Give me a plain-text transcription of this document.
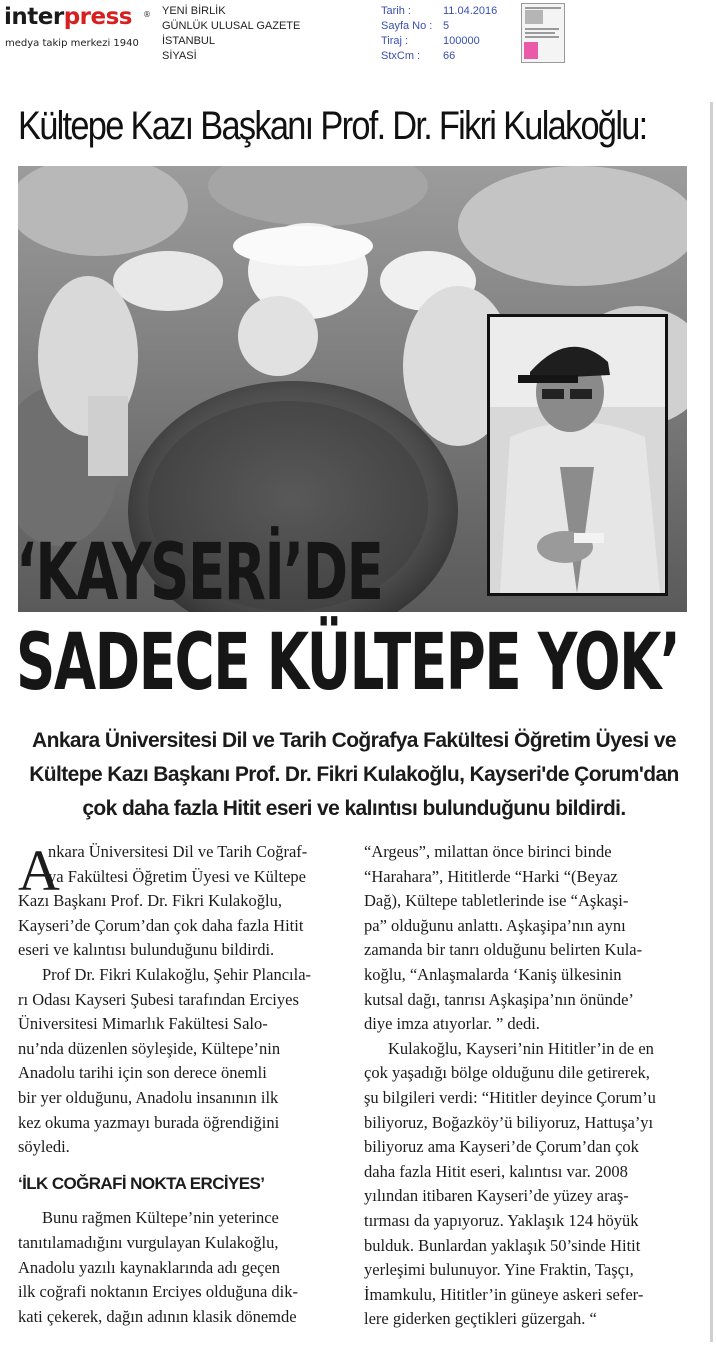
interpress ®
medya takip merkezi 1940
YENİ BİRLİK
GÜNLÜK ULUSAL GAZETE
İSTANBUL
SİYASİ
Tarih :	11.04.2016
Sayfa No : 5
Tiraj :	100000
StxCm :	66
Kültepe Kazı Başkanı Prof. Dr. Fikri Kulakoğlu:
‘KAYSERİ’DE
SADECE KÜLTEPE YOK’
Ankara Üniversitesi Dil ve Tarih Coğrafya Fakültesi Öğretim Üyesi ve
Kültepe Kazı Başkanı Prof. Dr. Fikri Kulakoğlu, Kayseri'de Çorum'dan
çok daha fazla Hitit eseri ve kalıntısı bulunduğunu bildirdi.
A
nkara Üniversitesi Dil ve Tarih Coğraf-
ya Fakültesi Öğretim Üyesi ve Kültepe
Kazı Başkanı Prof. Dr. Fikri Kulakoğlu,
Kayseri’de Çorum’dan çok daha fazla Hitit
eseri ve kalıntısı bulunduğunu bildirdi.
Prof Dr. Fikri Kulakoğlu, Şehir Plancıla-
rı Odası Kayseri Şubesi tarafından Erciyes
Üniversitesi Mimarlık Fakültesi Salo-
nu’nda düzenlen söyleşide, Kültepe’nin
Anadolu tarihi için son derece önemli
bir yer olduğunu, Anadolu insanının ilk
kez okuma yazmayı burada öğrendiğini
söyledi.
‘İLK COĞRAFİ NOKTA ERCİYES’
Bunu rağmen Kültepe’nin yeterince
tanıtılamadığını vurgulayan Kulakoğlu,
Anadolu yazılı kaynaklarında adı geçen
ilk coğrafi noktanın Erciyes olduğuna dik-
kati çekerek, dağın adının klasik dönemde
“Argeus”, milattan önce birinci binde
“Harahara”, Hititlerde “Harki “(Beyaz
Dağ), Kültepe tabletlerinde ise “Aşkaşi-
pa” olduğunu anlattı. Aşkaşipa’nın aynı
zamanda bir tanrı olduğunu belirten Kula-
koğlu, “Anlaşmalarda ‘Kaniş ülkesinin
kutsal dağı, tanrısı Aşkaşipa’nın önünde’
diye imza atıyorlar. ” dedi.
Kulakoğlu, Kayseri’nin Hititler’in de en
çok yaşadığı bölge olduğunu dile getirerek,
şu bilgileri verdi: “Hititler deyince Çorum’u
biliyoruz, Boğazköy’ü biliyoruz, Hattuşa’yı
biliyoruz ama Kayseri’de Çorum’dan çok
daha fazla Hitit eseri, kalıntısı var. 2008
yılından itibaren Kayseri’de yüzey araş-
tırması da yapıyoruz. Yaklaşık 124 höyük
bulduk. Bunlardan yaklaşık 50’sinde Hitit
yerleşimi bulunuyor. Yine Fraktin, Taşçı,
İmamkulu, Hititler’in güneye askeri sefer-
lere giderken geçtikleri güzergah. “
